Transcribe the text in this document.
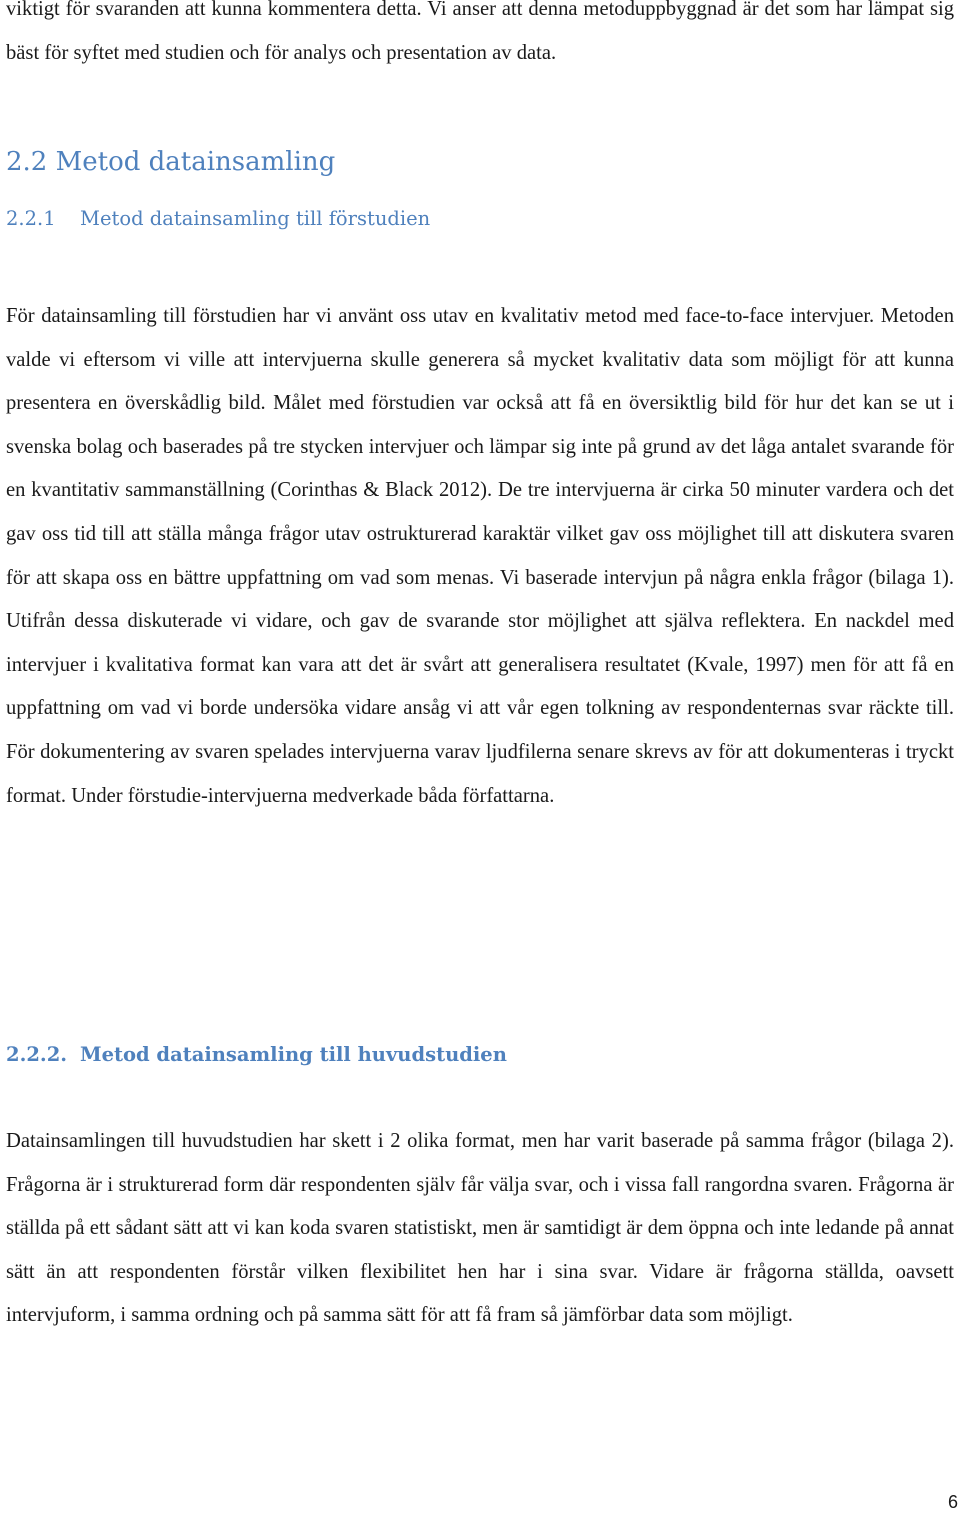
viktigt för svaranden att kunna kommentera detta. Vi anser att denna metoduppbyggnad är det som har lämpat sig bäst för syftet med studien och för analys och presentation av data.

2.2 Metod datainsamling
2.2.1 Metod datainsamling till förstudien

För datainsamling till förstudien har vi använt oss utav en kvalitativ metod med face-to-face intervjuer. Metoden valde vi eftersom vi ville att intervjuerna skulle generera så mycket kvalitativ data som möjligt för att kunna presentera en överskådlig bild. Målet med förstudien var också att få en översiktlig bild för hur det kan se ut i svenska bolag och baserades på tre stycken intervjuer och lämpar sig inte på grund av det låga antalet svarande för en kvantitativ sammanställning (Corinthas & Black 2012). De tre intervjuerna är cirka 50 minuter vardera och det gav oss tid till att ställa många frågor utav ostrukturerad karaktär vilket gav oss möjlighet till att diskutera svaren för att skapa oss en bättre uppfattning om vad som menas. Vi baserade intervjun på några enkla frågor (bilaga 1). Utifrån dessa diskuterade vi vidare, och gav de svarande stor möjlighet att själva reflektera. En nackdel med intervjuer i kvalitativa format kan vara att det är svårt att generalisera resultatet (Kvale, 1997) men för att få en uppfattning om vad vi borde undersöka vidare ansåg vi att vår egen tolkning av respondenternas svar räckte till. För dokumentering av svaren spelades intervjuerna varav ljudfilerna senare skrevs av för att dokumenteras i tryckt format. Under förstudie-intervjuerna medverkade båda författarna.

2.2.2. Metod datainsamling till huvudstudien

Datainsamlingen till huvudstudien har skett i 2 olika format, men har varit baserade på samma frågor (bilaga 2). Frågorna är i strukturerad form där respondenten själv får välja svar, och i vissa fall rangordna svaren. Frågorna är ställda på ett sådant sätt att vi kan koda svaren statistiskt, men är samtidigt är dem öppna och inte ledande på annat sätt än att respondenten förstår vilken flexibilitet hen har i sina svar. Vidare är frågorna ställda, oavsett intervjuform, i samma ordning och på samma sätt för att få fram så jämförbar data som möjligt.

6
